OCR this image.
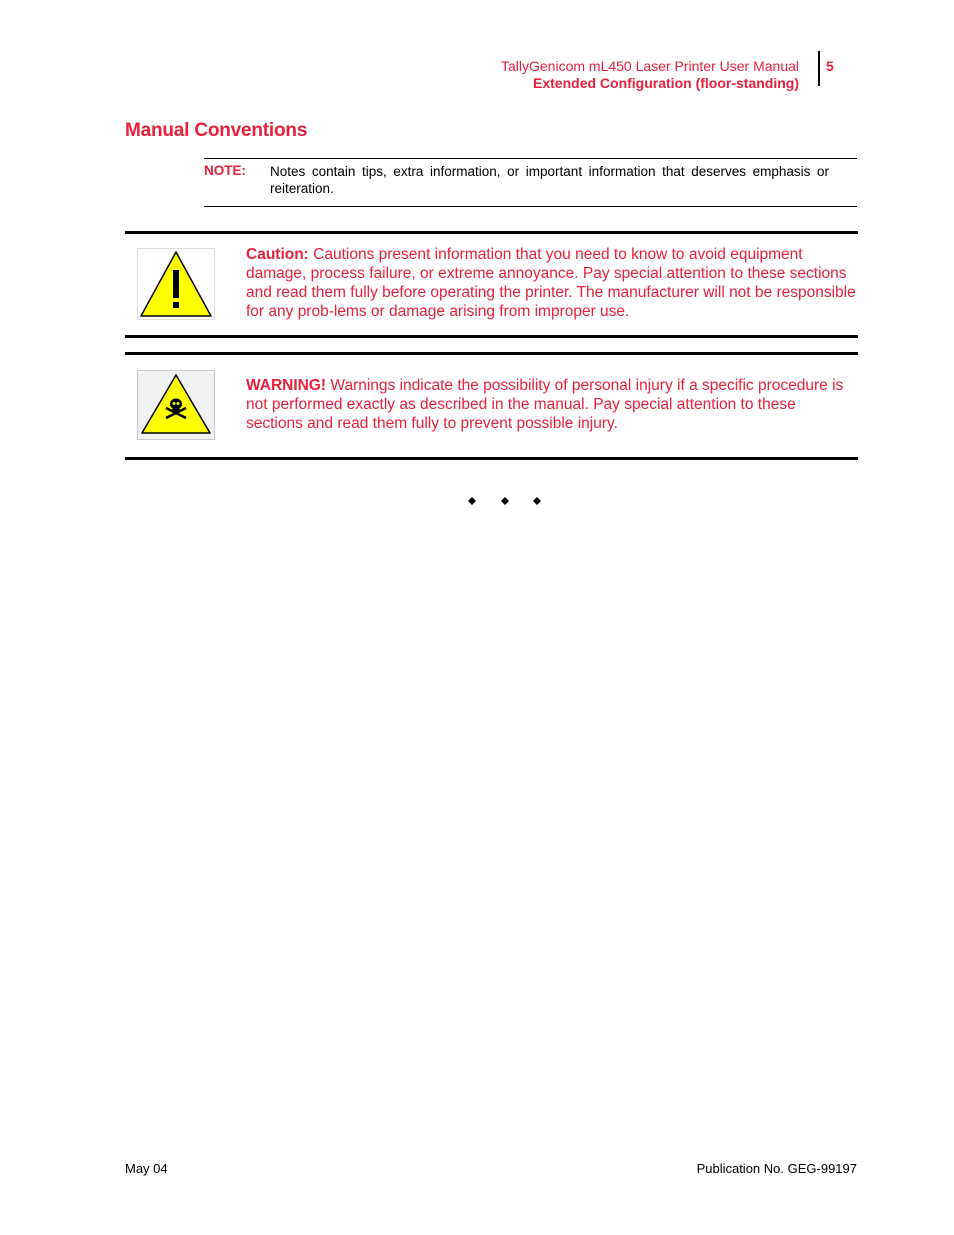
TallyGenicom mL450 Laser Printer User Manual
Extended Configuration (floor-standing)
5
Manual Conventions
NOTE: Notes contain tips, extra information, or important information that deserves emphasis or reiteration.
Caution: Cautions present information that you need to know to avoid equipment damage, process failure, or extreme annoyance. Pay special attention to these sections and read them fully before operating the printer. The manufacturer will not be responsible for any prob-lems or damage arising from improper use.
WARNING! Warnings indicate the possibility of personal injury if a specific procedure is not performed exactly as described in the manual. Pay special attention to these sections and read them fully to prevent possible injury.
May 04	Publication No. GEG-99197
